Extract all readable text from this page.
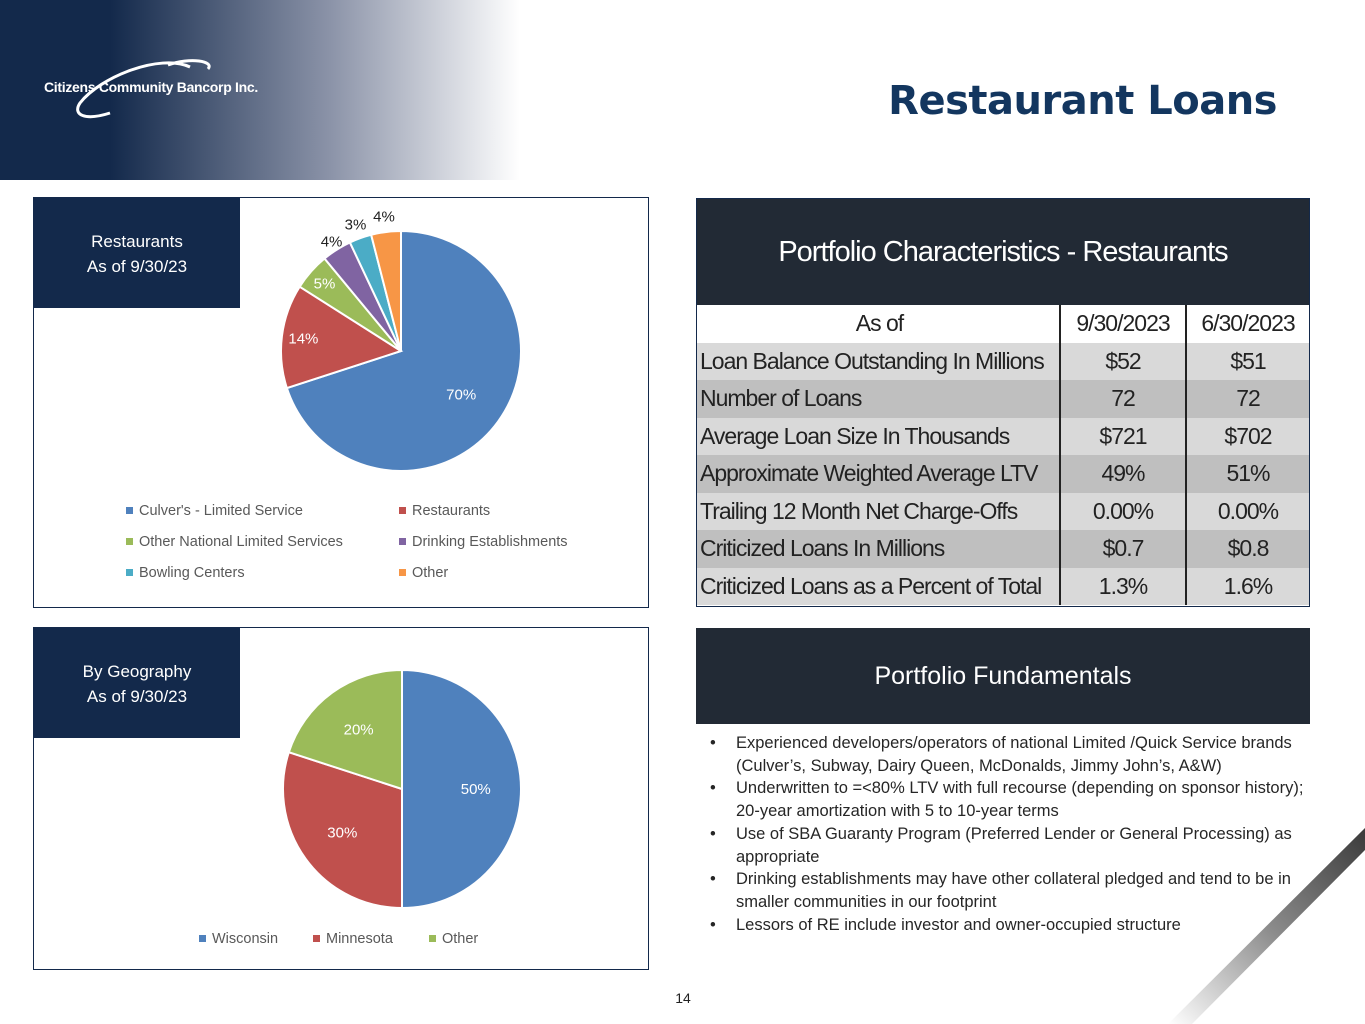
Citizens Community Bancorp Inc.	Restaurant Loans
70%
14%
5%
4%
3% 4%
Restaurants
As of 9/30/23
Culver's - Limited Service	Restaurants
Other National Limited Services	Drinking Establishments
Bowling Centers	Other
50%
30%
20%
By Geography
As of 9/30/23
Wisconsin	Minnesota	Other
Portfolio Characteristics - Restaurants
As of	9/30/2023	6/30/2023
Loan Balance Outstanding In Millions	$52	$51
Number of Loans	72	72
Average Loan Size In Thousands	$721	$702
Approximate Weighted Average LTV	49%	51%
Trailing 12 Month Net Charge-Offs	0.00%	0.00%
Criticized Loans In Millions	$0.7	$0.8
Criticized Loans as a Percent of Total	1.3%	1.6%
Portfolio Fundamentals
• Experienced developers/operators of national Limited /Quick Service brands (Culver’s, Subway, Dairy Queen, McDonalds, Jimmy John’s, A&W)
• Underwritten to =<80% LTV with full recourse (depending on sponsor history); 20-year amortization with 5 to 10-year terms
• Use of SBA Guaranty Program (Preferred Lender or General Processing) as appropriate
• Drinking establishments may have other collateral pledged and tend to be in smaller communities in our footprint
• Lessors of RE include investor and owner-occupied structure
14
